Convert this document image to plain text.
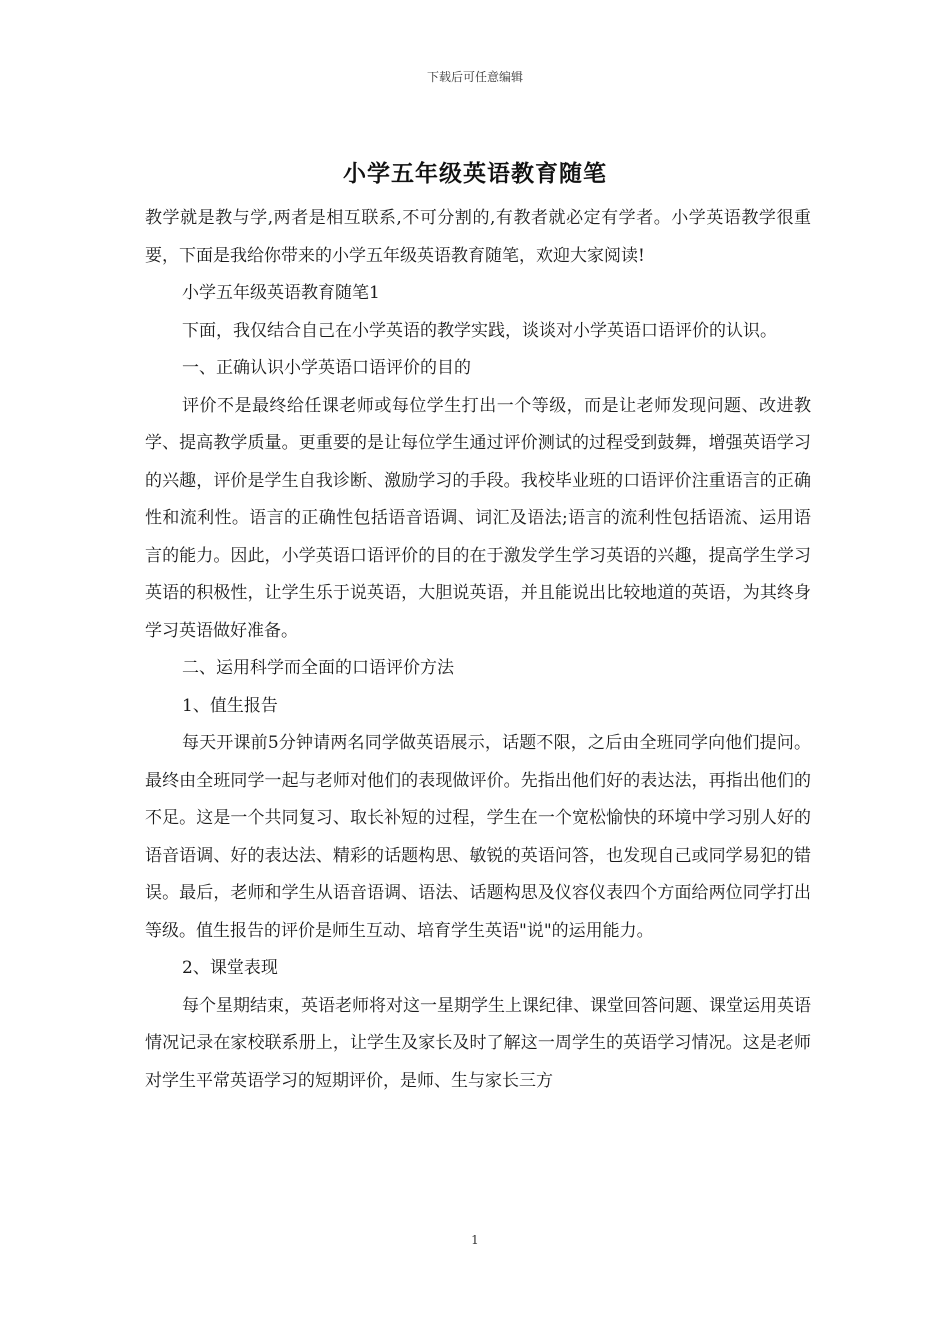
下载后可任意编辑
小学五年级英语教育随笔

教学就是教与学,两者是相互联系,不可分割的,有教者就必定有学者。小学英语教学很重要，下面是我给你带来的小学五年级英语教育随笔，欢迎大家阅读!

小学五年级英语教育随笔1

下面，我仅结合自己在小学英语的教学实践，谈谈对小学英语口语评价的认识。

一、正确认识小学英语口语评价的目的

评价不是最终给任课老师或每位学生打出一个等级，而是让老师发现问题、改进教学、提高教学质量。更重要的是让每位学生通过评价测试的过程受到鼓舞，增强英语学习的兴趣，评价是学生自我诊断、激励学习的手段。我校毕业班的口语评价注重语言的正确性和流利性。语言的正确性包括语音语调、词汇及语法;语言的流利性包括语流、运用语言的能力。因此，小学英语口语评价的目的在于激发学生学习英语的兴趣，提高学生学习英语的积极性，让学生乐于说英语，大胆说英语，并且能说出比较地道的英语，为其终身学习英语做好准备。

二、运用科学而全面的口语评价方法

1、值生报告

每天开课前5分钟请两名同学做英语展示，话题不限，之后由全班同学向他们提问。最终由全班同学一起与老师对他们的表现做评价。先指出他们好的表达法，再指出他们的不足。这是一个共同复习、取长补短的过程，学生在一个宽松愉快的环境中学习别人好的语音语调、好的表达法、精彩的话题构思、敏锐的英语问答，也发现自己或同学易犯的错误。最后，老师和学生从语音语调、语法、话题构思及仪容仪表四个方面给两位同学打出等级。值生报告的评价是师生互动、培育学生英语"说"的运用能力。

2、课堂表现

每个星期结束，英语老师将对这一星期学生上课纪律、课堂回答问题、课堂运用英语情况记录在家校联系册上，让学生及家长及时了解这一周学生的英语学习情况。这是老师对学生平常英语学习的短期评价，是师、生与家长三方

1
